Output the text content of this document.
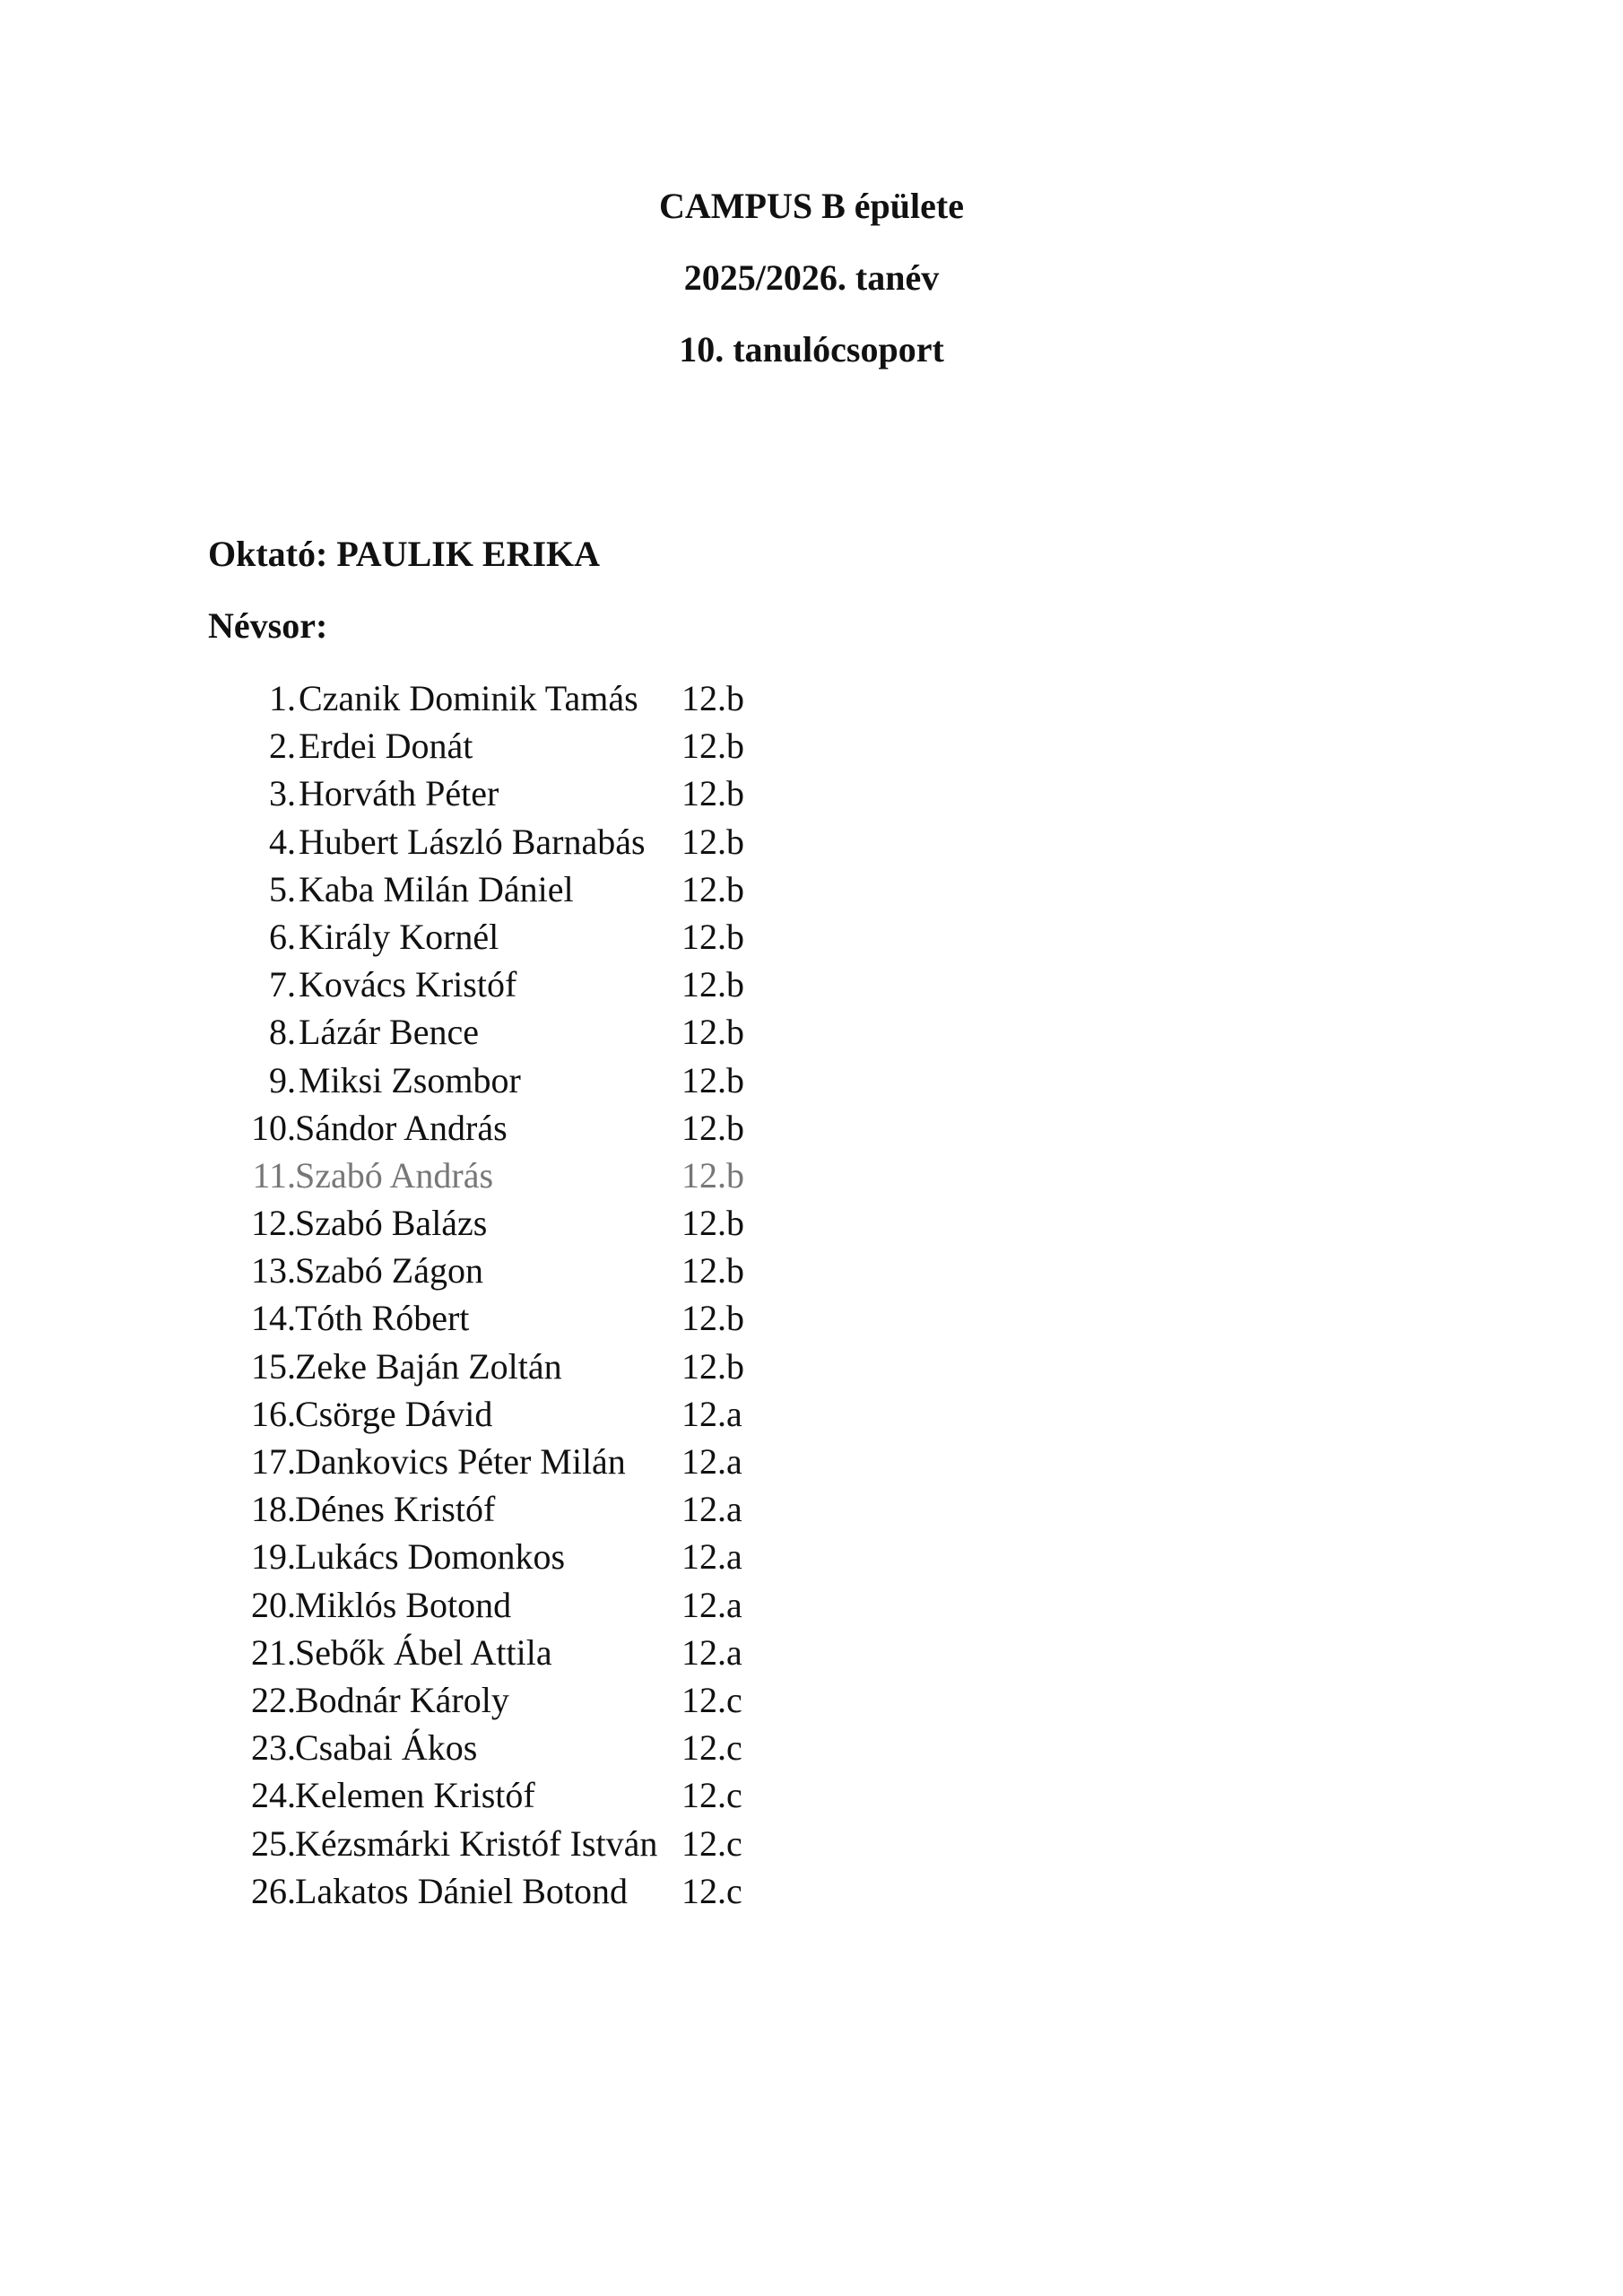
CAMPUS B épülete
2025/2026. tanév
10. tanulócsoport
Oktató: PAULIK ERIKA
Névsor:
1. Czanik Dominik Tamás 12.b
2. Erdei Donát	12.b
3. Horváth Péter	12.b
4. Hubert László Barnabás 12.b
5. Kaba Milán Dániel	12.b
6. Király Kornél	12.b
7. Kovács Kristóf	12.b
8. Lázár Bence	12.b
9. Miksi Zsombor	12.b
10. Sándor András	12.b
11. Szabó András	12.b
12. Szabó Balázs	12.b
13. Szabó Zágon	12.b
14. Tóth Róbert	12.b
15. Zeke Baján Zoltán	12.b
16. Csörge Dávid	12.a
17. Dankovics Péter Milán 12.a
18. Dénes Kristóf	12.a
19. Lukács Domonkos	12.a
20. Miklós Botond	12.a
21. Sebők Ábel Attila	12.a
22. Bodnár Károly	12.c
23. Csabai Ákos	12.c
24. Kelemen Kristóf	12.c
25. Kézsmárki Kristóf István 12.c
26. Lakatos Dániel Botond 12.c
